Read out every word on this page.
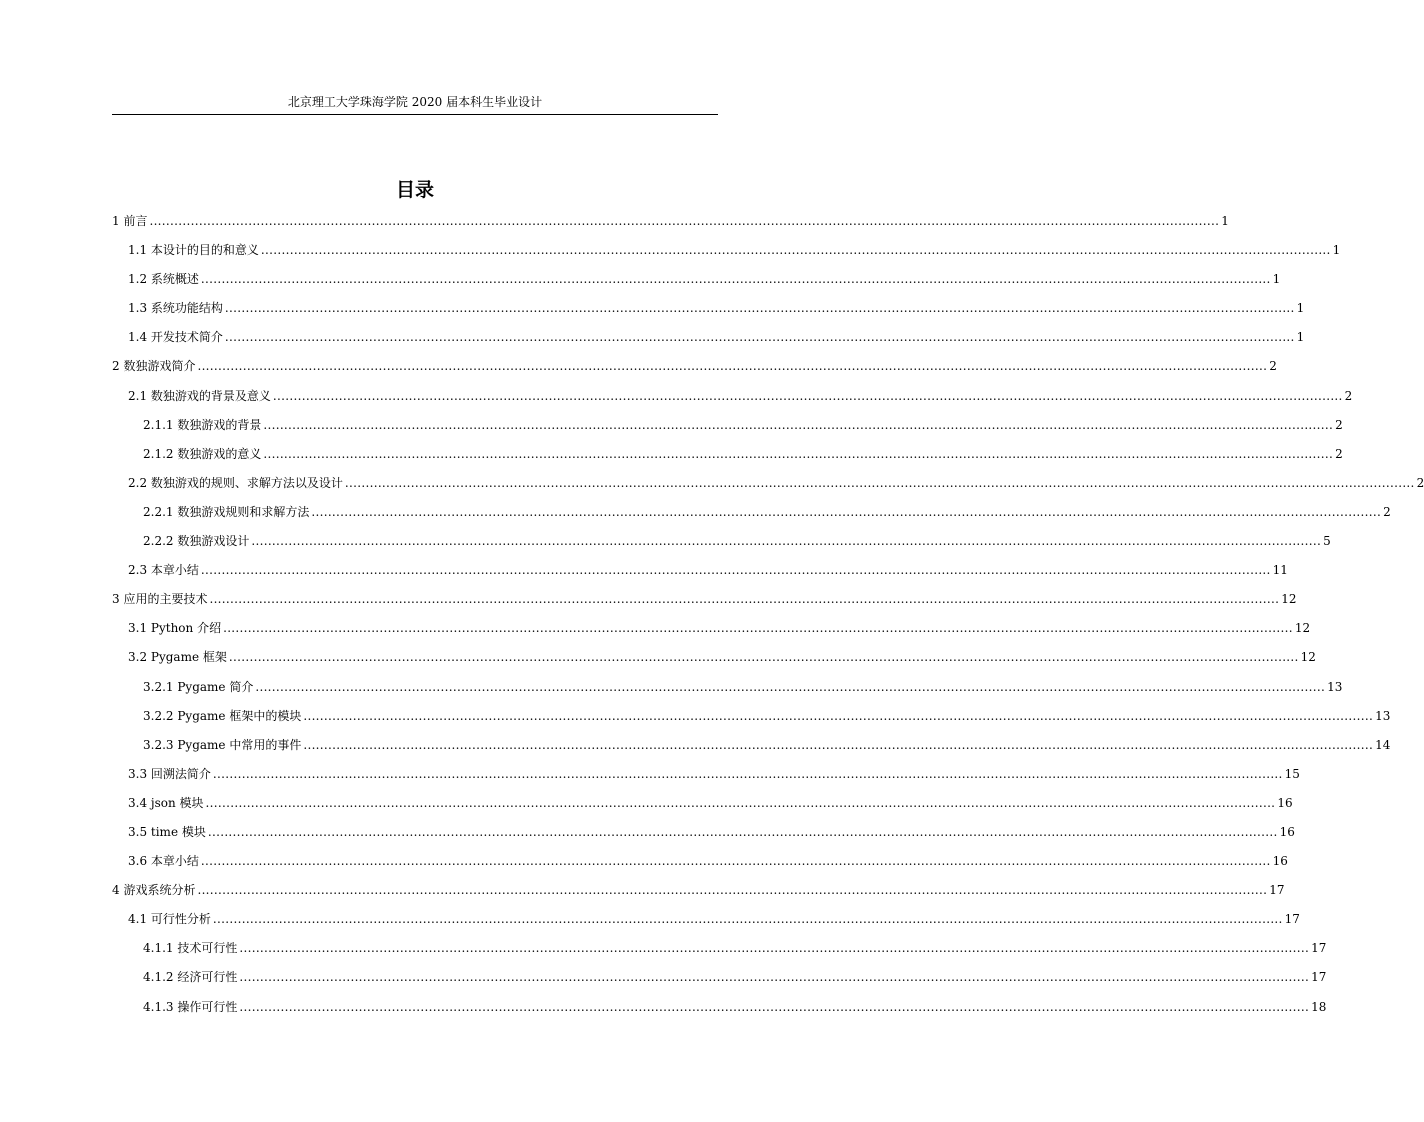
北京理工大学珠海学院 2020 届本科生毕业设计
目录
1 前言 .................................................................................................................................................................................................................................................................... 1
1.1 本设计的目的和意义 .................................................................................................................................................................................................................................................................... 1
1.2 系统概述 .................................................................................................................................................................................................................................................................... 1
1.3 系统功能结构 .................................................................................................................................................................................................................................................................... 1
1.4 开发技术简介 .................................................................................................................................................................................................................................................................... 1
2 数独游戏简介 .................................................................................................................................................................................................................................................................... 2
2.1 数独游戏的背景及意义 .................................................................................................................................................................................................................................................................... 2
2.1.1 数独游戏的背景 .................................................................................................................................................................................................................................................................... 2
2.1.2 数独游戏的意义 .................................................................................................................................................................................................................................................................... 2
2.2 数独游戏的规则、求解方法以及设计 .................................................................................................................................................................................................................................................................... 2
2.2.1 数独游戏规则和求解方法 .................................................................................................................................................................................................................................................................... 2
2.2.2 数独游戏设计 .................................................................................................................................................................................................................................................................... 5
2.3 本章小结 .................................................................................................................................................................................................................................................................... 11
3 应用的主要技术 .................................................................................................................................................................................................................................................................... 12
3.1 Python 介绍 .................................................................................................................................................................................................................................................................... 12
3.2 Pygame 框架 .................................................................................................................................................................................................................................................................... 12
3.2.1 Pygame 简介 .................................................................................................................................................................................................................................................................... 13
3.2.2 Pygame 框架中的模块 .................................................................................................................................................................................................................................................................... 13
3.2.3 Pygame 中常用的事件 .................................................................................................................................................................................................................................................................... 14
3.3 回溯法简介 .................................................................................................................................................................................................................................................................... 15
3.4 json 模块 .................................................................................................................................................................................................................................................................... 16
3.5 time 模块 .................................................................................................................................................................................................................................................................... 16
3.6 本章小结 .................................................................................................................................................................................................................................................................... 16
4 游戏系统分析 .................................................................................................................................................................................................................................................................... 17
4.1 可行性分析 .................................................................................................................................................................................................................................................................... 17
4.1.1 技术可行性 .................................................................................................................................................................................................................................................................... 17
4.1.2 经济可行性 .................................................................................................................................................................................................................................................................... 17
4.1.3 操作可行性 .................................................................................................................................................................................................................................................................... 18
